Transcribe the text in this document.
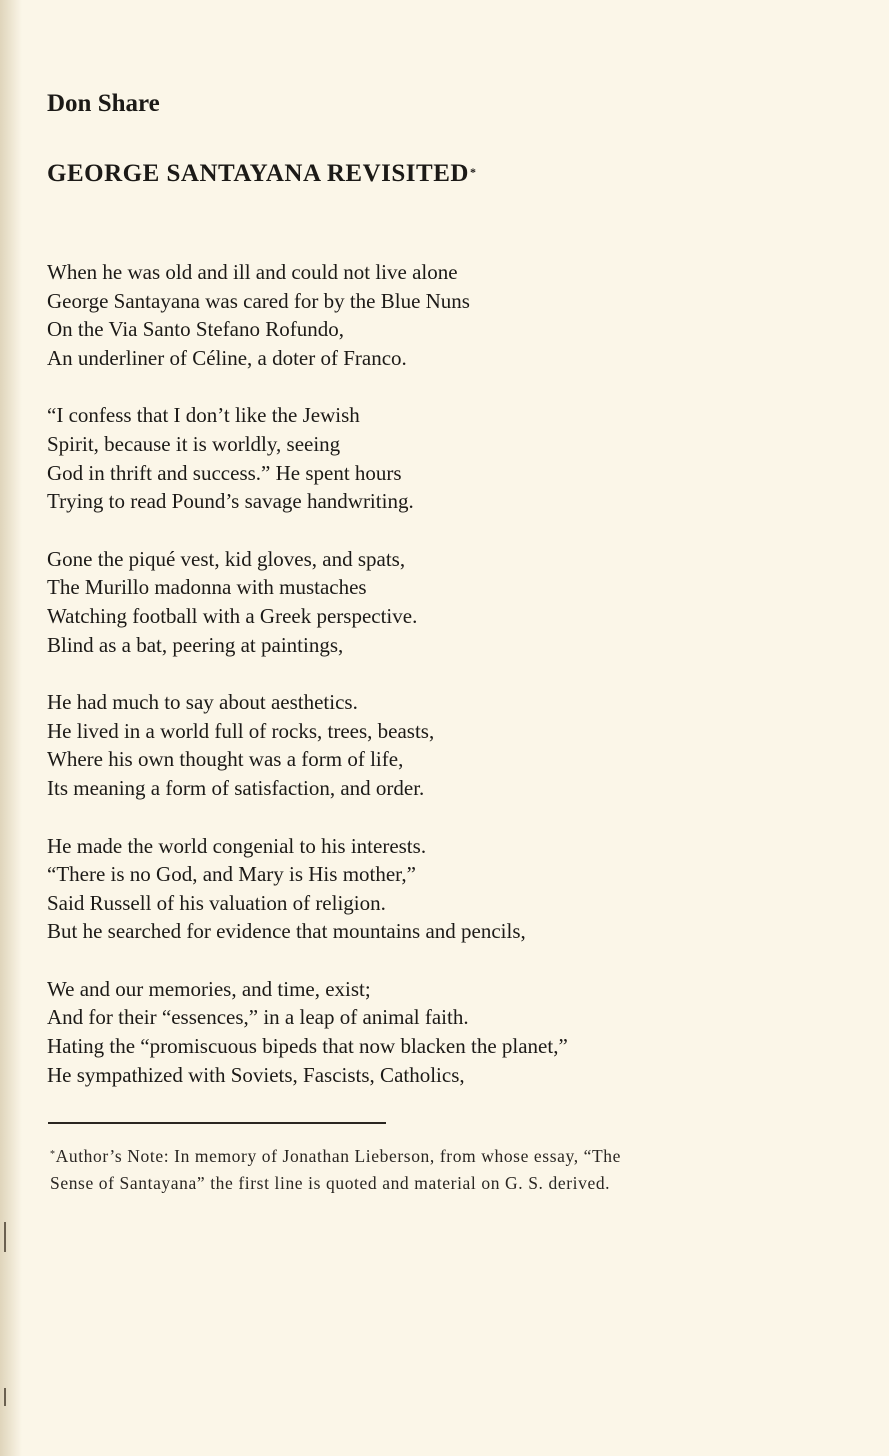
Don Share
GEORGE SANTAYANA REVISITED*
When he was old and ill and could not live alone
George Santayana was cared for by the Blue Nuns
On the Via Santo Stefano Rofundo,
An underliner of Céline, a doter of Franco.
“I confess that I don’t like the Jewish
Spirit, because it is worldly, seeing
God in thrift and success.” He spent hours
Trying to read Pound’s savage handwriting.
Gone the piqué vest, kid gloves, and spats,
The Murillo madonna with mustaches
Watching football with a Greek perspective.
Blind as a bat, peering at paintings,
He had much to say about aesthetics.
He lived in a world full of rocks, trees, beasts,
Where his own thought was a form of life,
Its meaning a form of satisfaction, and order.
He made the world congenial to his interests.
“There is no God, and Mary is His mother,”
Said Russell of his valuation of religion.
But he searched for evidence that mountains and pencils,
We and our memories, and time, exist;
And for their “essences,” in a leap of animal faith.
Hating the “promiscuous bipeds that now blacken the planet,”
He sympathized with Soviets, Fascists, Catholics,
*Author’s Note: In memory of Jonathan Lieberson, from whose essay, “The
Sense of Santayana” the first line is quoted and material on G. S. derived.
